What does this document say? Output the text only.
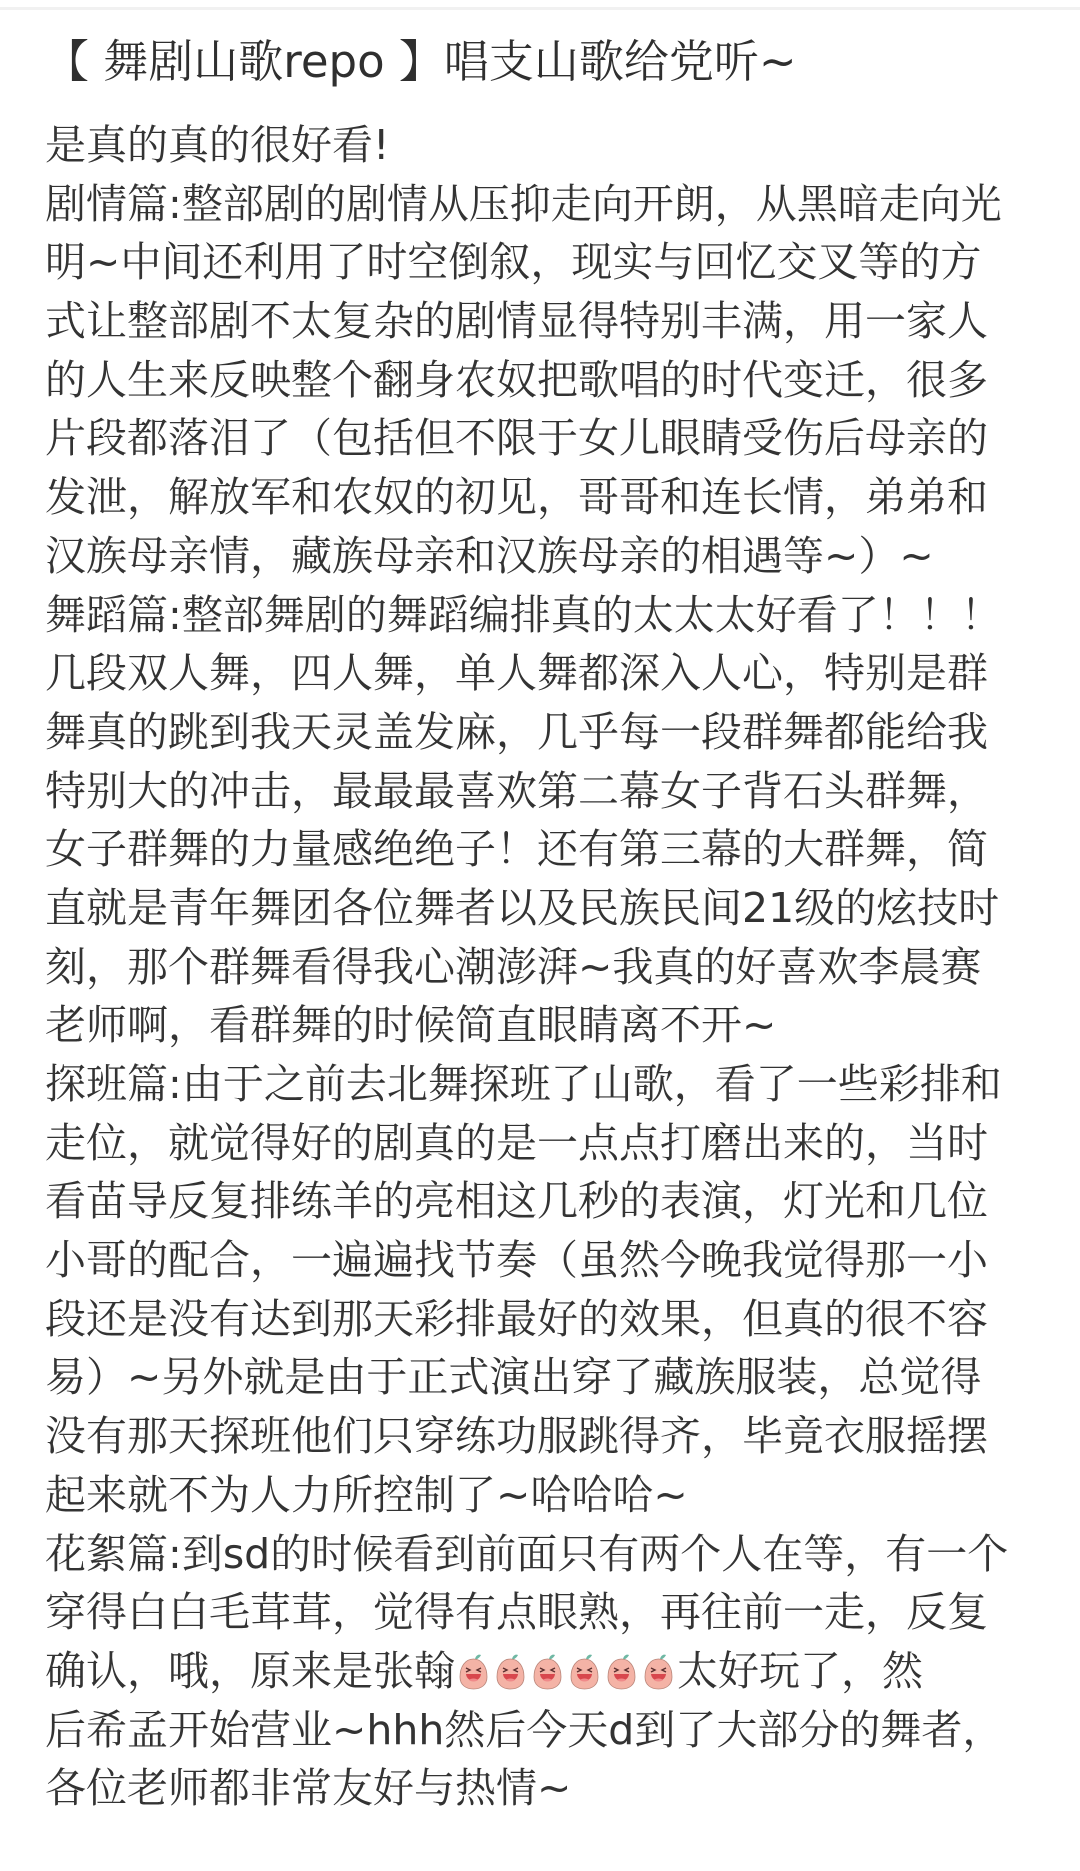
【 舞剧山歌repo 】唱支山歌给党听~
是真的真的很好看!
剧情篇:整部剧的剧情从压抑走向开朗，从黑暗走向光
明~中间还利用了时空倒叙，现实与回忆交叉等的方
式让整部剧不太复杂的剧情显得特别丰满，用一家人
的人生来反映整个翻身农奴把歌唱的时代变迁，很多
片段都落泪了（包括但不限于女儿眼睛受伤后母亲的
发泄，解放军和农奴的初见，哥哥和连长情，弟弟和
汉族母亲情，藏族母亲和汉族母亲的相遇等~）~
舞蹈篇:整部舞剧的舞蹈编排真的太太太好看了！！！
几段双人舞，四人舞，单人舞都深入人心，特别是群
舞真的跳到我天灵盖发麻，几乎每一段群舞都能给我
特别大的冲击，最最最喜欢第二幕女子背石头群舞，
女子群舞的力量感绝绝子！还有第三幕的大群舞，简
直就是青年舞团各位舞者以及民族民间21级的炫技时
刻，那个群舞看得我心潮澎湃~我真的好喜欢李晨赛
老师啊，看群舞的时候简直眼睛离不开~
探班篇:由于之前去北舞探班了山歌，看了一些彩排和
走位，就觉得好的剧真的是一点点打磨出来的，当时
看苗导反复排练羊的亮相这几秒的表演，灯光和几位
小哥的配合，一遍遍找节奏（虽然今晚我觉得那一小
段还是没有达到那天彩排最好的效果，但真的很不容
易）~另外就是由于正式演出穿了藏族服装，总觉得
没有那天探班他们只穿练功服跳得齐，毕竟衣服摇摆
起来就不为人力所控制了~哈哈哈~
花絮篇:到sd的时候看到前面只有两个人在等，有一个
穿得白白毛茸茸，觉得有点眼熟，再往前一走，反复
确认，哦，原来是张翰	太好玩了，然
后希孟开始营业~hhh然后今天d到了大部分的舞者，
各位老师都非常友好与热情~
